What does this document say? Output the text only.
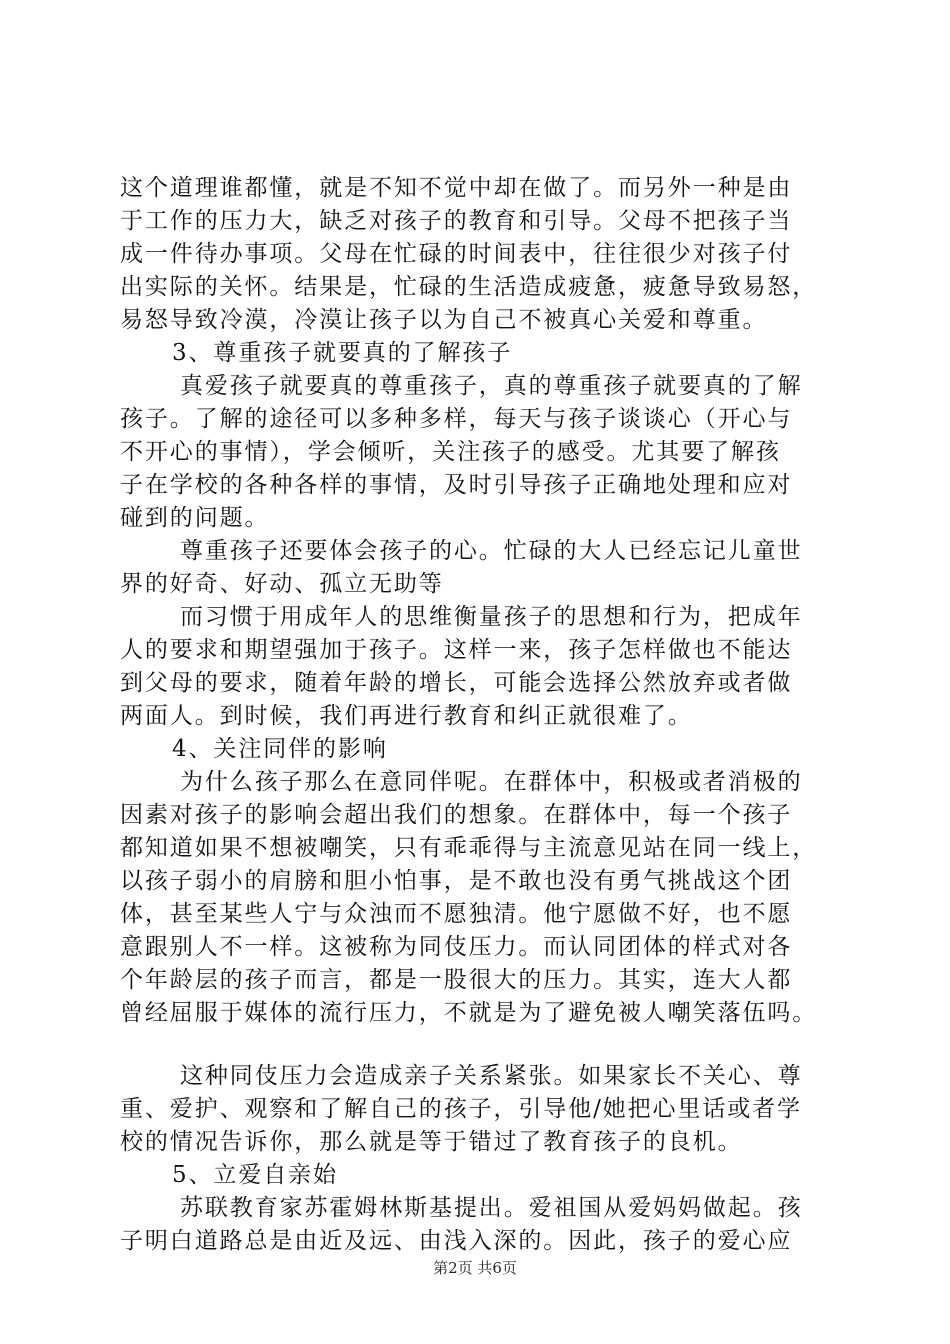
这个道理谁都懂，就是不知不觉中却在做了。而另外一种是由
于工作的压力大，缺乏对孩子的教育和引导。父母不把孩子当
成一件待办事项。父母在忙碌的时间表中，往往很少对孩子付
出实际的关怀。结果是，忙碌的生活造成疲惫，疲惫导致易怒，
易怒导致冷漠，冷漠让孩子以为自己不被真心关爱和尊重。
3、尊重孩子就要真的了解孩子
真爱孩子就要真的尊重孩子，真的尊重孩子就要真的了解
孩子。了解的途径可以多种多样，每天与孩子谈谈心（开心与
不开心的事情），学会倾听，关注孩子的感受。尤其要了解孩
子在学校的各种各样的事情，及时引导孩子正确地处理和应对
碰到的问题。
尊重孩子还要体会孩子的心。忙碌的大人已经忘记儿童世
界的好奇、好动、孤立无助等
而习惯于用成年人的思维衡量孩子的思想和行为，把成年
人的要求和期望强加于孩子。这样一来，孩子怎样做也不能达
到父母的要求，随着年龄的增长，可能会选择公然放弃或者做
两面人。到时候，我们再进行教育和纠正就很难了。
4、关注同伴的影响
为什么孩子那么在意同伴呢。在群体中，积极或者消极的
因素对孩子的影响会超出我们的想象。在群体中，每一个孩子
都知道如果不想被嘲笑，只有乖乖得与主流意见站在同一线上，
以孩子弱小的肩膀和胆小怕事，是不敢也没有勇气挑战这个团
体，甚至某些人宁与众浊而不愿独清。他宁愿做不好，也不愿
意跟别人不一样。这被称为同伎压力。而认同团体的样式对各
个年龄层的孩子而言，都是一股很大的压力。其实，连大人都
曾经屈服于媒体的流行压力，不就是为了避免被人嘲笑落伍吗。
这种同伎压力会造成亲子关系紧张。如果家长不关心、尊
重、爱护、观察和了解自己的孩子，引导他/她把心里话或者学
校的情况告诉你，那么就是等于错过了教育孩子的良机。
5、立爱自亲始
苏联教育家苏霍姆林斯基提出。爱祖国从爱妈妈做起。孩
子明白道路总是由近及远、由浅入深的。因此，孩子的爱心应
第2页 共6页
